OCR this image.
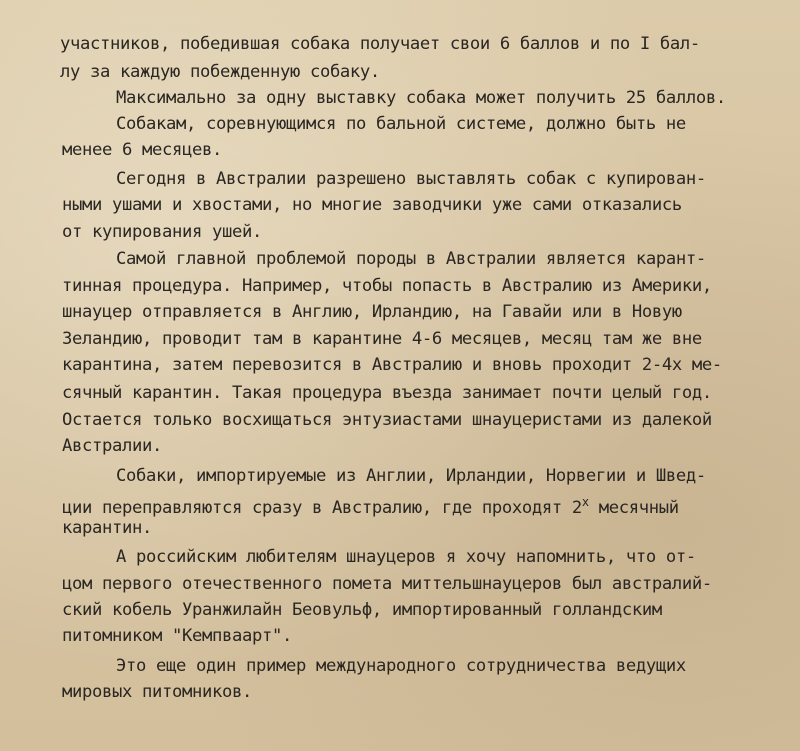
участников, победившая собака получает свои 6 баллов и по I бал-

лу за каждую побежденную собаку.

Максимально за одну выставку собака может получить 25 баллов.

Собакам, соревнующимся по бальной системе, должно быть не

менее 6 месяцев.

Сегодня в Австралии разрешено выставлять собак с купирован-

ными ушами и хвостами, но многие заводчики уже сами отказались

от купирования ушей.

Самой главной проблемой породы в Австралии является карант-

тинная процедура. Например, чтобы попасть в Австралию из Америки,

шнауцер отправляется в Англию, Ирландию, на Гавайи или в Новую

Зеландию, проводит там в карантине 4-6 месяцев, месяц там же вне

карантина, затем перевозится в Австралию и вновь проходит 2-4х ме-

сячный карантин. Такая процедура въезда занимает почти целый год.

Остается только восхищаться энтузиастами шнауцеристами из далекой

Австралии.

Собаки, импортируемые из Англии, Ирландии, Норвегии и Швед-

ции переправляются сразу в Австралию, где проходят $2^х$ месячный

карантин.

А российским любителям шнауцеров я хочу напомнить, что от-

цом первого отечественного помета миттельшнауцеров был австралий-

ский кобель Уранжилайн Беовульф, импортированный голландским

питомником "Кемпваарт".

Это еще один пример международного сотрудничества ведущих

мировых питомников.
